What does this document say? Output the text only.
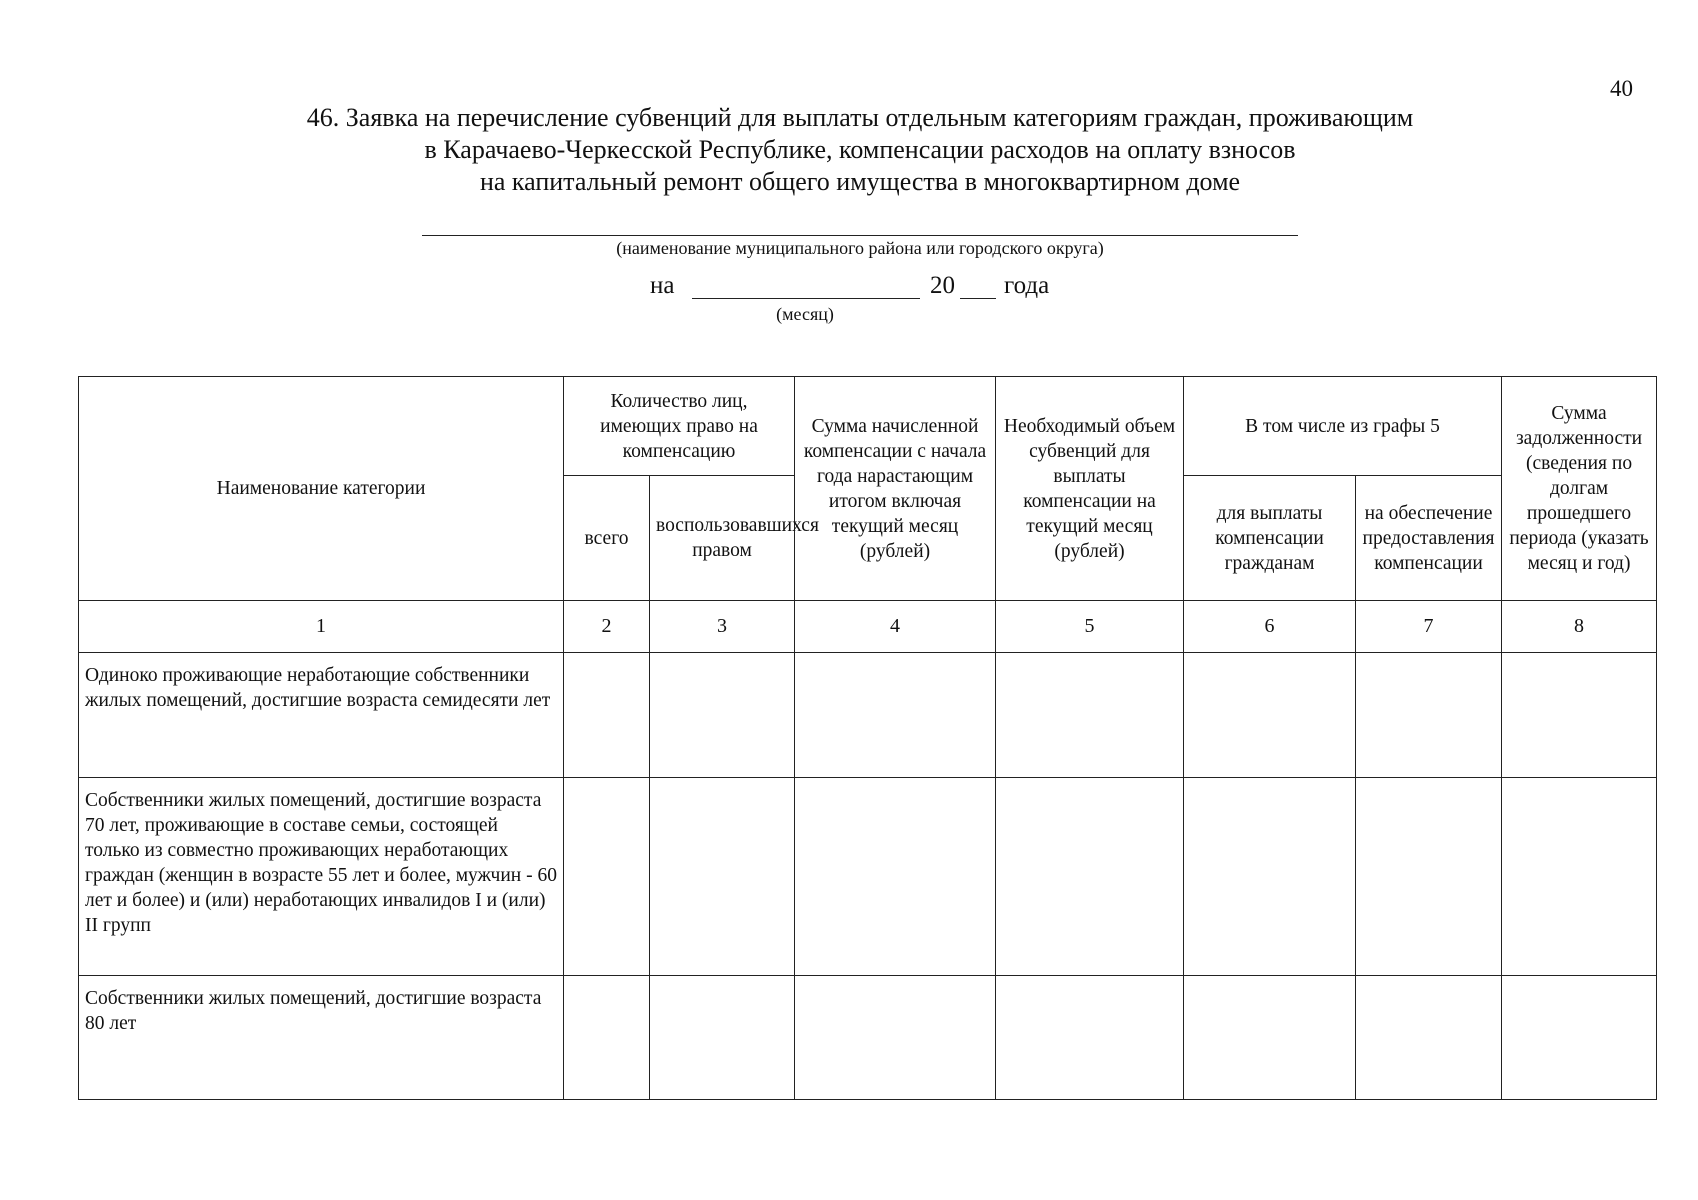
40
46. Заявка на перечисление субвенций для выплаты отдельным категориям граждан, проживающим
в Карачаево-Черкесской Республике, компенсации расходов на оплату взносов
на капитальный ремонт общего имущества в многоквартирном доме
(наименование муниципального района или городского округа)
на	20 года
(месяц)
Наименование категории	Количество лиц, имеющих право на компенсацию		Сумма начисленной компенсации с начала года нарастающим итогом включая текущий месяц (рублей)	Необходимый объем субвенций для выплаты компенсации на текущий месяц (рублей)	В том числе из графы 5		Сумма задолженности (сведения по долгам прошедшего периода (указать месяц и год)
	всего	воспользовавшихся правом			для выплаты компенсации гражданам	на обеспечение предоставления компенсации	
1	2	3	4	5	6	7	8
Одиноко проживающие неработающие собственники жилых помещений, достигшие возраста семидесяти лет							
Собственники жилых помещений, достигшие возраста 70 лет, проживающие в составе семьи, состоящей только из совместно проживающих неработающих граждан (женщин в возрасте 55 лет и более, мужчин - 60 лет и более) и (или) неработающих инвалидов I и (или) II групп							
Собственники жилых помещений, достигшие возраста 80 лет							
